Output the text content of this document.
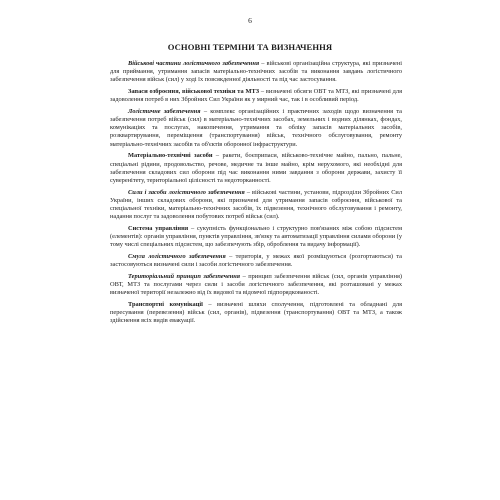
6
ОСНОВНІ ТЕРМІНИ ТА ВИЗНАЧЕННЯ

Військові частини логістичного забезпечення – військові організаційна структура, які призначені для приймання, утримання запасів матеріально-технічних засобів та виконання завдань логістичного забезпечення військ (сил) у ході їх повсякденної діяльності та під час застосування.

Запаси озброєння, військової техніки та МТЗ – визначені обсяги ОВТ та МТЗ, які призначені для задоволення потреб в них Збройних Сил України як у мирний час, так і в особливий період.

Логістичне забезпечення – комплекс організаційних і практичних заходів щодо визначення та забезпечення потреб військ (сил) в матеріально-технічних засобах, земельних і водних ділянках, фондах, комунікаціях та послугах, накопичення, утримання та обліку запасів матеріальних засобів, розквартирування, переміщення (транспортування) військ, технічного обслуговування, ремонту матеріально-технічних засобів та об'єктів оборонної інфраструктури.

Матеріально-технічні засоби – ракети, боєприпаси, військово-технічне майно, пально, пальне, спеціальні рідини, продовольство, речове, медичне та інше майно, крім нерухомого, які необхідні для забезпечення складових сил оборони під час виконання ними завдання з оборони держави, захисту її суверенітету, територіальної цілісності та недоторканності.

Сили і засоби логістичного забезпечення – військові частини, установи, підрозділи Збройних Сил України, інших складових оборони, які призначені для утримання запасів озброєння, військової та спеціальної техніки, матеріально-технічних засобів, їх підвезення, технічного обслуговування і ремонту, надання послуг та задоволення побутових потреб військ (сил).

Система управління – сукупність функціонально і структурно пов'язаних між собою підсистем (елементів): органів управління, пунктів управління, зв'язку та автоматизації управління силами оборони (у тому числі спеціальних підсистем, що забезпечують збір, оброблення та видачу інформації).

Смуга логістичного забезпечення – територія, у межах якої розміщуються (розгортаються) та застосовуються визначені сили і засоби логістичного забезпечення.

Територіальний принцип забезпечення – принцип забезпечення військ (сил, органів управління) ОВТ, МТЗ та послугами через сили і засоби логістичного забезпечення, які розташовані у межах визначеної території незалежно від їх видової та відомчої підпорядкованості.

Транспортні комунікації – визначені шляхи сполучення, підготовлені та обладнані для пересування (перевезення) військ (сил, органів), підвезення (транспортування) ОВТ та МТЗ, а також здійснення всіх видів евакуації.
